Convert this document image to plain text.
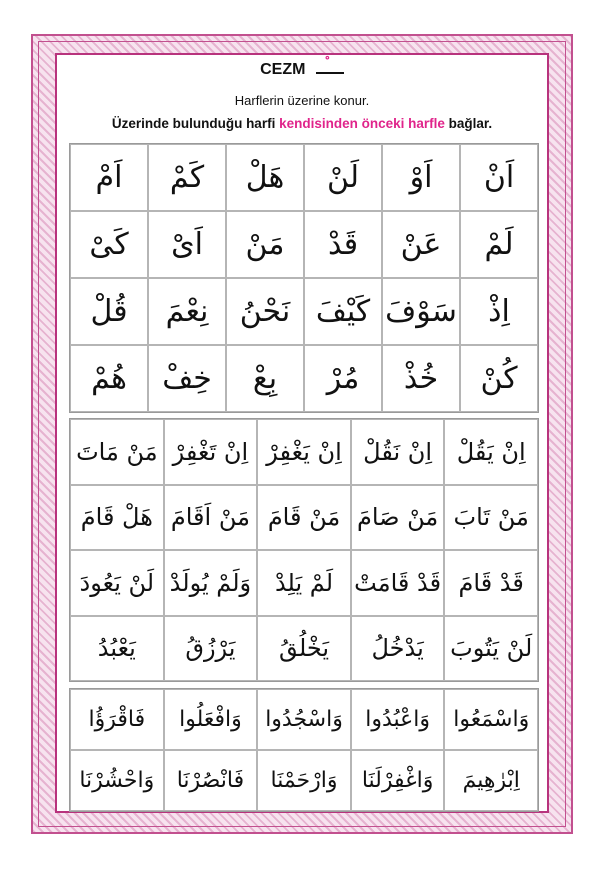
CEZM
Harflerin üzerine konur.
Üzerinde bulunduğu harfi kendisinden önceki harfle bağlar.
اَنْ
اَوْ
لَنْ
هَلْ
كَمْ
اَمْ
لَمْ
عَنْ
قَدْ
مَنْ
اَىْ
كَىْ
اِذْ
سَوْفَ
كَيْفَ
نَحْنُ
نِعْمَ
قُلْ
كُنْ
خُذْ
مُرْ
بِعْ
خِفْ
هُمْ
اِنْ يَقُلْ
اِنْ نَقُلْ
اِنْ يَغْفِرْ
اِنْ تَغْفِرْ
مَنْ مَاتَ
مَنْ تَابَ
مَنْ صَامَ
مَنْ قَامَ
مَنْ اَقَامَ
هَلْ قَامَ
قَدْ قَامَ
قَدْ قَامَتْ
لَمْ يَلِدْ
وَلَمْ يُولَدْ
لَنْ يَعُودَ
لَنْ يَتُوبَ
يَدْخُلُ
يَخْلُقُ
يَرْزُقُ
يَعْبُدُ
وَاسْمَعُوا
وَاعْبُدُوا
وَاسْجُدُوا
وَافْعَلُوا
فَاقْرَؤُا
اِبْرٰهِيمَ
وَاغْفِرْلَنَا
وَارْحَمْنَا
فَانْصُرْنَا
وَاحْشُرْنَا
